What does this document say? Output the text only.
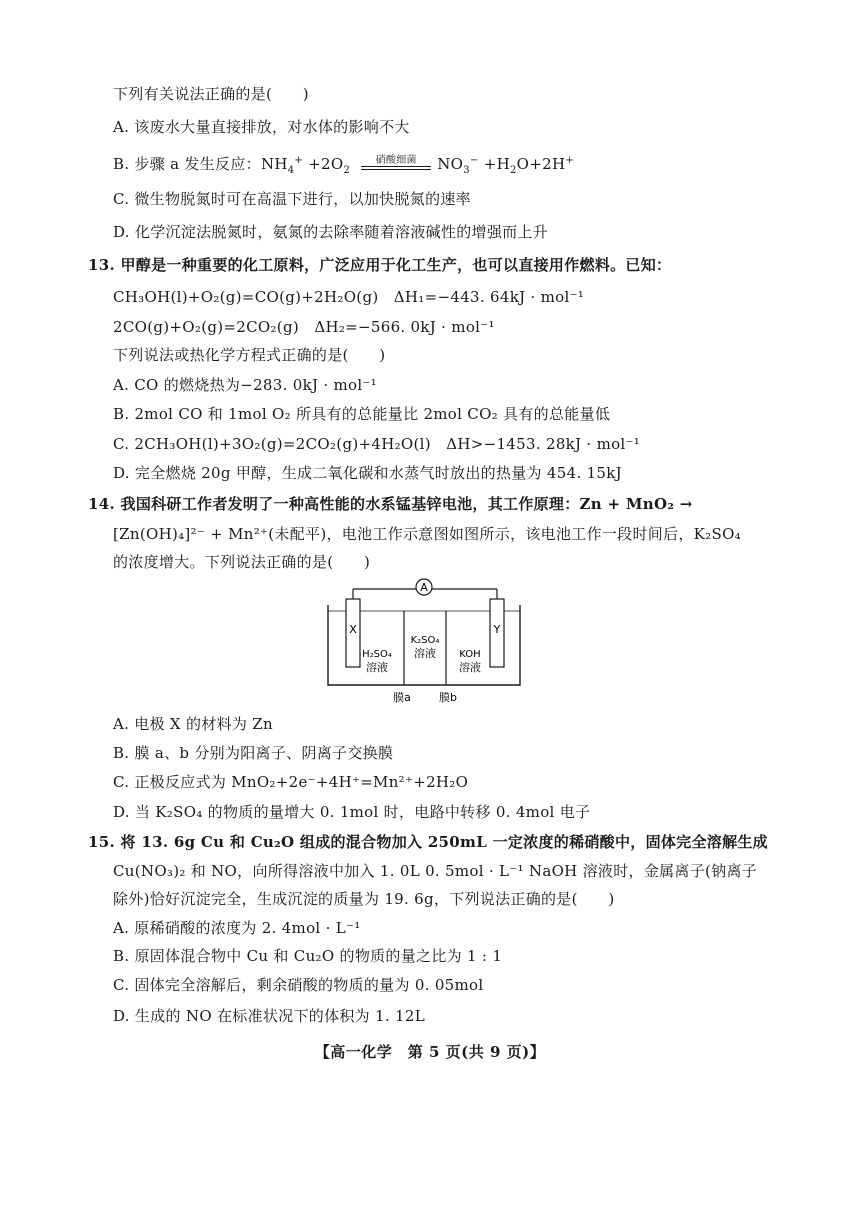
下列有关说法正确的是(　　)
A. 该废水大量直接排放，对水体的影响不大
B. 步骤 a 发生反应：$NH_4^+ +2O_2$
硝酸细菌	$NO_3^- +H_2O+2H^+$
C. 微生物脱氮时可在高温下进行，以加快脱氮的速率
D. 化学沉淀法脱氮时，氨氮的去除率随着溶液碱性的增强而上升
13. 甲醇是一种重要的化工原料，广泛应用于化工生产，也可以直接用作燃料。已知：
CH₃OH(l)+O₂(g)=CO(g)+2H₂O(g)　ΔH₁=−443. 64kJ · mol⁻¹
2CO(g)+O₂(g)=2CO₂(g)　ΔH₂=−566. 0kJ · mol⁻¹
下列说法或热化学方程式正确的是(　　)
A. CO 的燃烧热为−283. 0kJ · mol⁻¹
B. 2mol CO 和 1mol O₂ 所具有的总能量比 2mol CO₂ 具有的总能量低
C. 2CH₃OH(l)+3O₂(g)=2CO₂(g)+4H₂O(l)　ΔH>−1453. 28kJ · mol⁻¹
D. 完全燃烧 20g 甲醇，生成二氧化碳和水蒸气时放出的热量为 454. 15kJ
14. 我国科研工作者发明了一种高性能的水系锰基锌电池，其工作原理：Zn + MnO₂ →
[Zn(OH)₄]²⁻ + Mn²⁺(未配平)，电池工作示意图如图所示，该电池工作一段时间后，K₂SO₄
的浓度增大。下列说法正确的是(　　)
A
X	Y
H₂SO₄
溶液
K₂SO₄
溶液 KOH
溶液
膜a	膜b
A. 电极 X 的材料为 Zn
B. 膜 a、b 分别为阳离子、阴离子交换膜
C. 正极反应式为 MnO₂+2e⁻+4H⁺=Mn²⁺+2H₂O
D. 当 K₂SO₄ 的物质的量增大 0. 1mol 时，电路中转移 0. 4mol 电子
15. 将 13. 6g Cu 和 Cu₂O 组成的混合物加入 250mL 一定浓度的稀硝酸中，固体完全溶解生成
Cu(NO₃)₂ 和 NO，向所得溶液中加入 1. 0L 0. 5mol · L⁻¹ NaOH 溶液时，金属离子(钠离子
除外)恰好沉淀完全，生成沉淀的质量为 19. 6g，下列说法正确的是(　　)
A. 原稀硝酸的浓度为 2. 4mol · L⁻¹
B. 原固体混合物中 Cu 和 Cu₂O 的物质的量之比为 1 : 1
C. 固体完全溶解后，剩余硝酸的物质的量为 0. 05mol
D. 生成的 NO 在标准状况下的体积为 1. 12L
【高一化学　第 5 页(共 9 页)】
